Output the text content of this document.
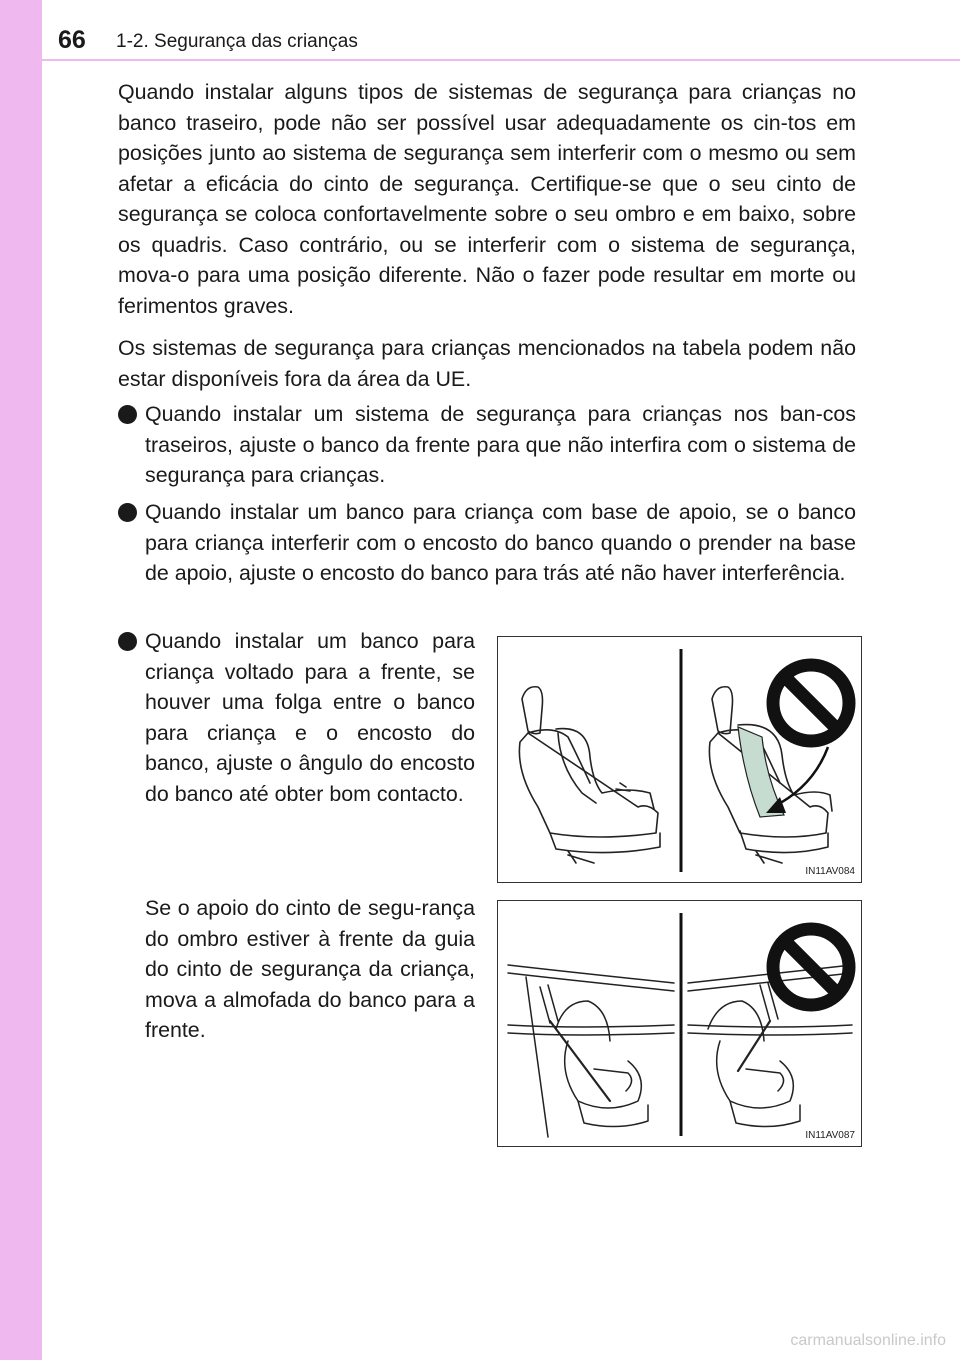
66 1-2. Segurança das crianças

Quando instalar alguns tipos de sistemas de segurança para crianças no banco traseiro, pode não ser possível usar adequadamente os cin-tos em posições junto ao sistema de segurança sem interferir com o mesmo ou sem afetar a eficácia do cinto de segurança. Certifique-se que o seu cinto de segurança se coloca confortavelmente sobre o seu ombro e em baixo, sobre os quadris. Caso contrário, ou se interferir com o sistema de segurança, mova-o para uma posição diferente. Não o fazer pode resultar em morte ou ferimentos graves.

Os sistemas de segurança para crianças mencionados na tabela podem não estar disponíveis fora da área da UE.

Quando instalar um sistema de segurança para crianças nos ban-cos traseiros, ajuste o banco da frente para que não interfira com o sistema de segurança para crianças.

Quando instalar um banco para criança com base de apoio, se o banco para criança interferir com o encosto do banco quando o prender na base de apoio, ajuste o encosto do banco para trás até não haver interferência.

Quando instalar um banco para criança voltado para a frente, se houver uma folga entre o banco para criança e o encosto do banco, ajuste o ângulo do encosto do banco até obter bom contacto.

Se o apoio do cinto de segu-rança do ombro estiver à frente da guia do cinto de segurança da criança, mova a almofada do banco para a frente.

IN11AV084
IN11AV087
carmanualsonline.info
